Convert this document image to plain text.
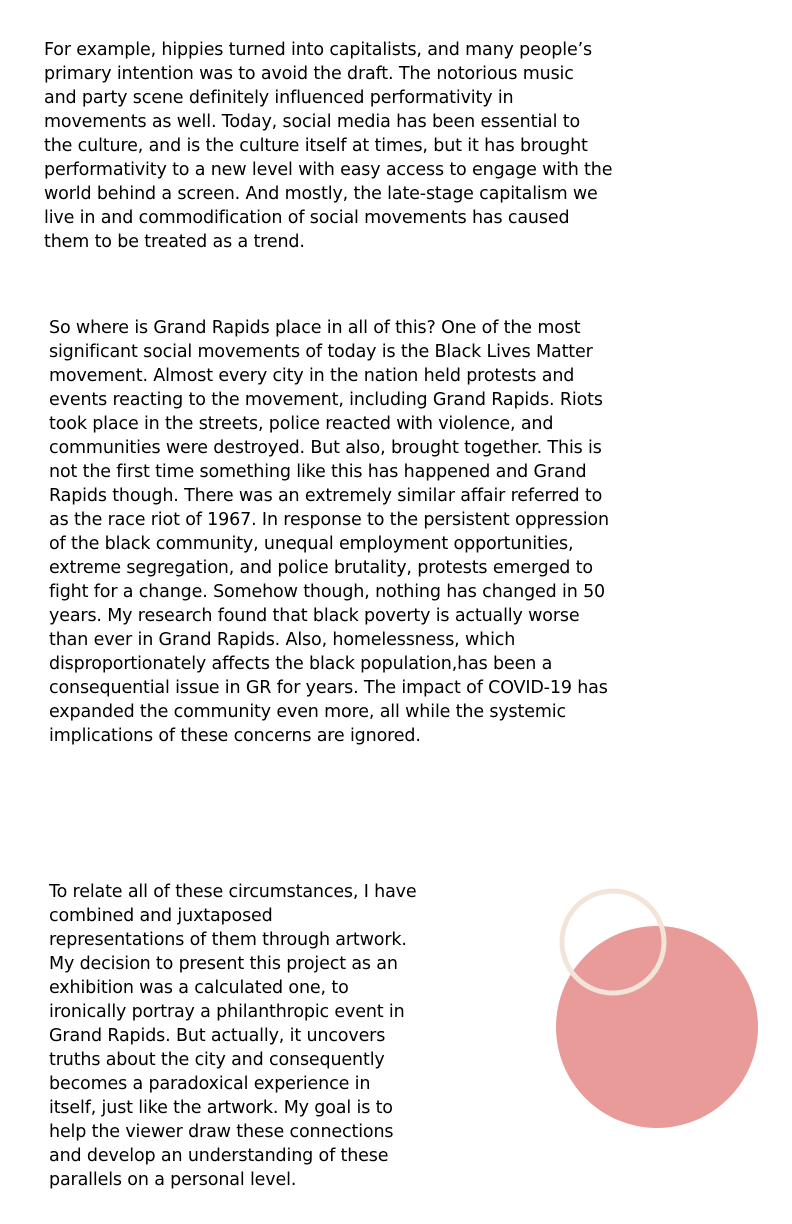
For example, hippies turned into capitalists, and many people’s
primary intention was to avoid the draft. The notorious music
and party scene definitely influenced performativity in
movements as well. Today, social media has been essential to
the culture, and is the culture itself at times, but it has brought
performativity to a new level with easy access to engage with the
world behind a screen. And mostly, the late-stage capitalism we
live in and commodification of social movements has caused
them to be treated as a trend.
So where is Grand Rapids place in all of this? One of the most
significant social movements of today is the Black Lives Matter
movement. Almost every city in the nation held protests and
events reacting to the movement, including Grand Rapids. Riots
took place in the streets, police reacted with violence, and
communities were destroyed. But also, brought together. This is
not the first time something like this has happened and Grand
Rapids though. There was an extremely similar affair referred to
as the race riot of 1967. In response to the persistent oppression
of the black community, unequal employment opportunities,
extreme segregation, and police brutality, protests emerged to
fight for a change. Somehow though, nothing has changed in 50
years. My research found that black poverty is actually worse
than ever in Grand Rapids. Also, homelessness, which
disproportionately affects the black population,has been a
consequential issue in GR for years. The impact of COVID-19 has
expanded the community even more, all while the systemic
implications of these concerns are ignored.
To relate all of these circumstances, I have
combined and juxtaposed
representations of them through artwork.
My decision to present this project as an
exhibition was a calculated one, to
ironically portray a philanthropic event in
Grand Rapids. But actually, it uncovers
truths about the city and consequently
becomes a paradoxical experience in
itself, just like the artwork. My goal is to
help the viewer draw these connections
and develop an understanding of these
parallels on a personal level.
